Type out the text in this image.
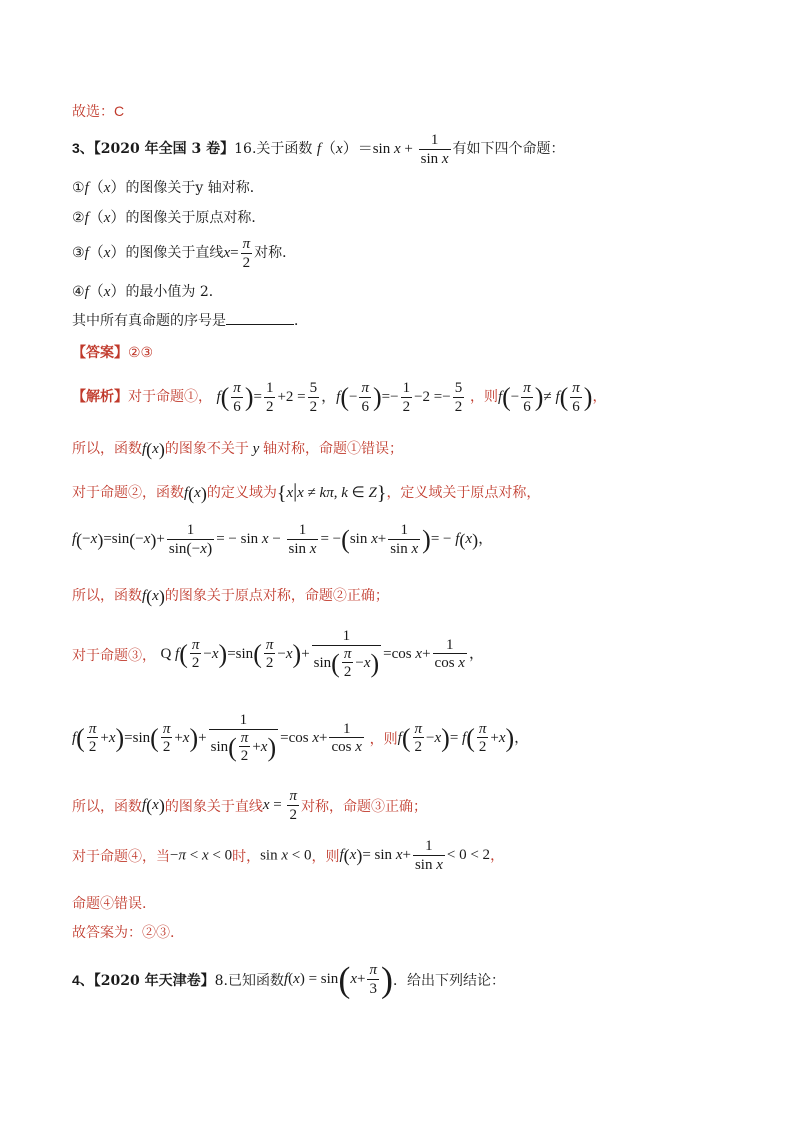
故选：C
3、【2020 年全国 3 卷】16.关于函数 f（x）＝sin $x + \frac{1}{\text{sin x}}$ 有如下四个命题：
①f（x）的图像关于y 轴对称．
②f（x）的图像关于原点对称．
③f（x）的图像关于直线$x= \frac{\pi}{2}$ 对称．
④f（x）的最小值为 2．
其中所有真命题的序号是	．
【答案】②③
【解析】对于命题①， $f( \frac{\pi}{6}$ )= $\frac{1}{2} +2 = \frac{5}{2}$ ，$f(- \frac{\pi}{6}$ )=− $\frac{1}{2} -2 =- \frac{5}{2}$ ，则$f(- \frac{\pi}{6}$ )≠ $f( \frac{\pi}{6}$ )，
所以，函数f(x)的图象不关于 y 轴对称，命题①错误；
对于命题②，函数f(x)的定义域为{x|x ≠ kπ, k ∈ Z}，定义域关于原点对称，
$f(-x)=\sin(-x)+ \frac{1}{\sin(-x)}$ = − $\sin x - \frac{1}{\text{sin x}} = -(\sin$ $x+ \frac{1}{\text{sin x}}$ )= − f(x)，
所以，函数f(x)的图象关于原点对称，命题②正确；
对于命题③， Q $f( \frac{\pi}{2} -x)=\sin( \frac{\pi}{2} -x)+ \frac{1}{\sin( \frac{\pi}{2} -x)} =\cos$ $x+ \frac{1}{\text{cos x}}$ ，
$f( \frac{\pi}{2} +x)=\sin( \frac{\pi}{2} +x)+ \frac{1}{\sin( \frac{\pi}{2} +x)} =\cos$ $x+ \frac{1}{\text{cos x}}$ ，则$f( \frac{\pi}{2} -x)= f( \frac{\pi}{2} +x)$，
所以，函数f(x)的图象关于直线$x = \frac{\pi}{2}$ 对称，命题③正确；
对于命题④，当−π < x < 0时，sin x < 0，则$f(x)= \sin x+ \frac{1}{\text{sin x}} < 0 < 2$，
命题④错误.
故答案为：②③.
4、【2020 年天津卷】8.已知函数$f(x) = \sin(x+ \frac{\pi}{3}$ )．给出下列结论：
